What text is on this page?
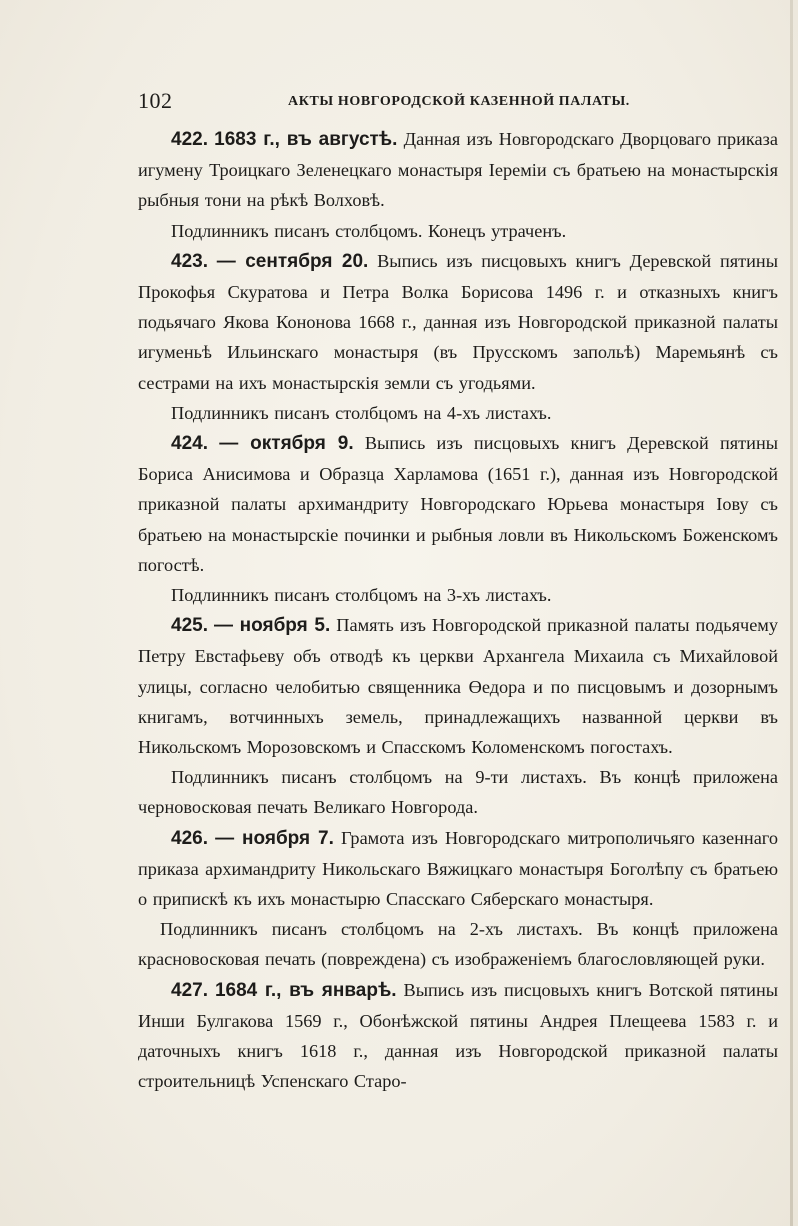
102	АКТЫ НОВГОРОДСКОЙ КАЗЕННОЙ ПАЛАТЫ.

422. 1683 г., въ августѣ. Данная изъ Новгородскаго Дворцоваго приказа игумену Троицкаго Зеленецкаго монастыря Іереміи съ братьею на монастырскія рыбныя тони на рѣкѣ Волховѣ.

Подлинникъ писанъ столбцомъ. Конецъ утраченъ.

423. — сентября 20. Выпись изъ писцовыхъ книгъ Деревской пятины Прокофья Скуратова и Петра Волка Борисова 1496 г. и отказныхъ книгъ подьячаго Якова Кононова 1668 г., данная изъ Новгородской приказной палаты игуменьѣ Ильинскаго монастыря (въ Прусскомъ запольѣ) Маремьянѣ съ сестрами на ихъ монастырскія земли съ угодьями.

Подлинникъ писанъ столбцомъ на 4-хъ листахъ.

424. — октября 9. Выпись изъ писцовыхъ книгъ Деревской пятины Бориса Анисимова и Образца Харламова (1651 г.), данная изъ Новгородской приказной палаты архимандриту Новгородскаго Юрьева монастыря Іову съ братьею на монастырскіе починки и рыбныя ловли въ Никольскомъ Боженскомъ погостѣ.

Подлинникъ писанъ столбцомъ на 3-хъ листахъ.

425. — ноября 5. Память изъ Новгородской приказной палаты подьячему Петру Евстафьеву объ отводѣ къ церкви Архангела Михаила съ Михайловой улицы, согласно челобитью священника Өедора и по писцовымъ и дозорнымъ книгамъ, вотчинныхъ земель, принадлежащихъ названной церкви въ Никольскомъ Морозовскомъ и Спасскомъ Коломенскомъ погостахъ.

Подлинникъ писанъ столбцомъ на 9-ти листахъ. Въ концѣ приложена черновосковая печать Великаго Новгорода.

426. — ноября 7. Грамота изъ Новгородскаго митрополичьяго казеннаго приказа архимандриту Никольскаго Вяжицкаго монастыря Боголѣпу съ братьею о припискѣ къ ихъ монастырю Спасскаго Сяберскаго монастыря.

Подлинникъ писанъ столбцомъ на 2-хъ листахъ. Въ концѣ приложена красновосковая печать (повреждена) съ изображеніемъ благословляющей руки.

427. 1684 г., въ январѣ. Выпись изъ писцовыхъ книгъ Вотской пятины Инши Булгакова 1569 г., Обонѣжской пятины Андрея Плещеева 1583 г. и даточныхъ книгъ 1618 г., данная изъ Новгородской приказной палаты строительницѣ Успенскаго Старо-
